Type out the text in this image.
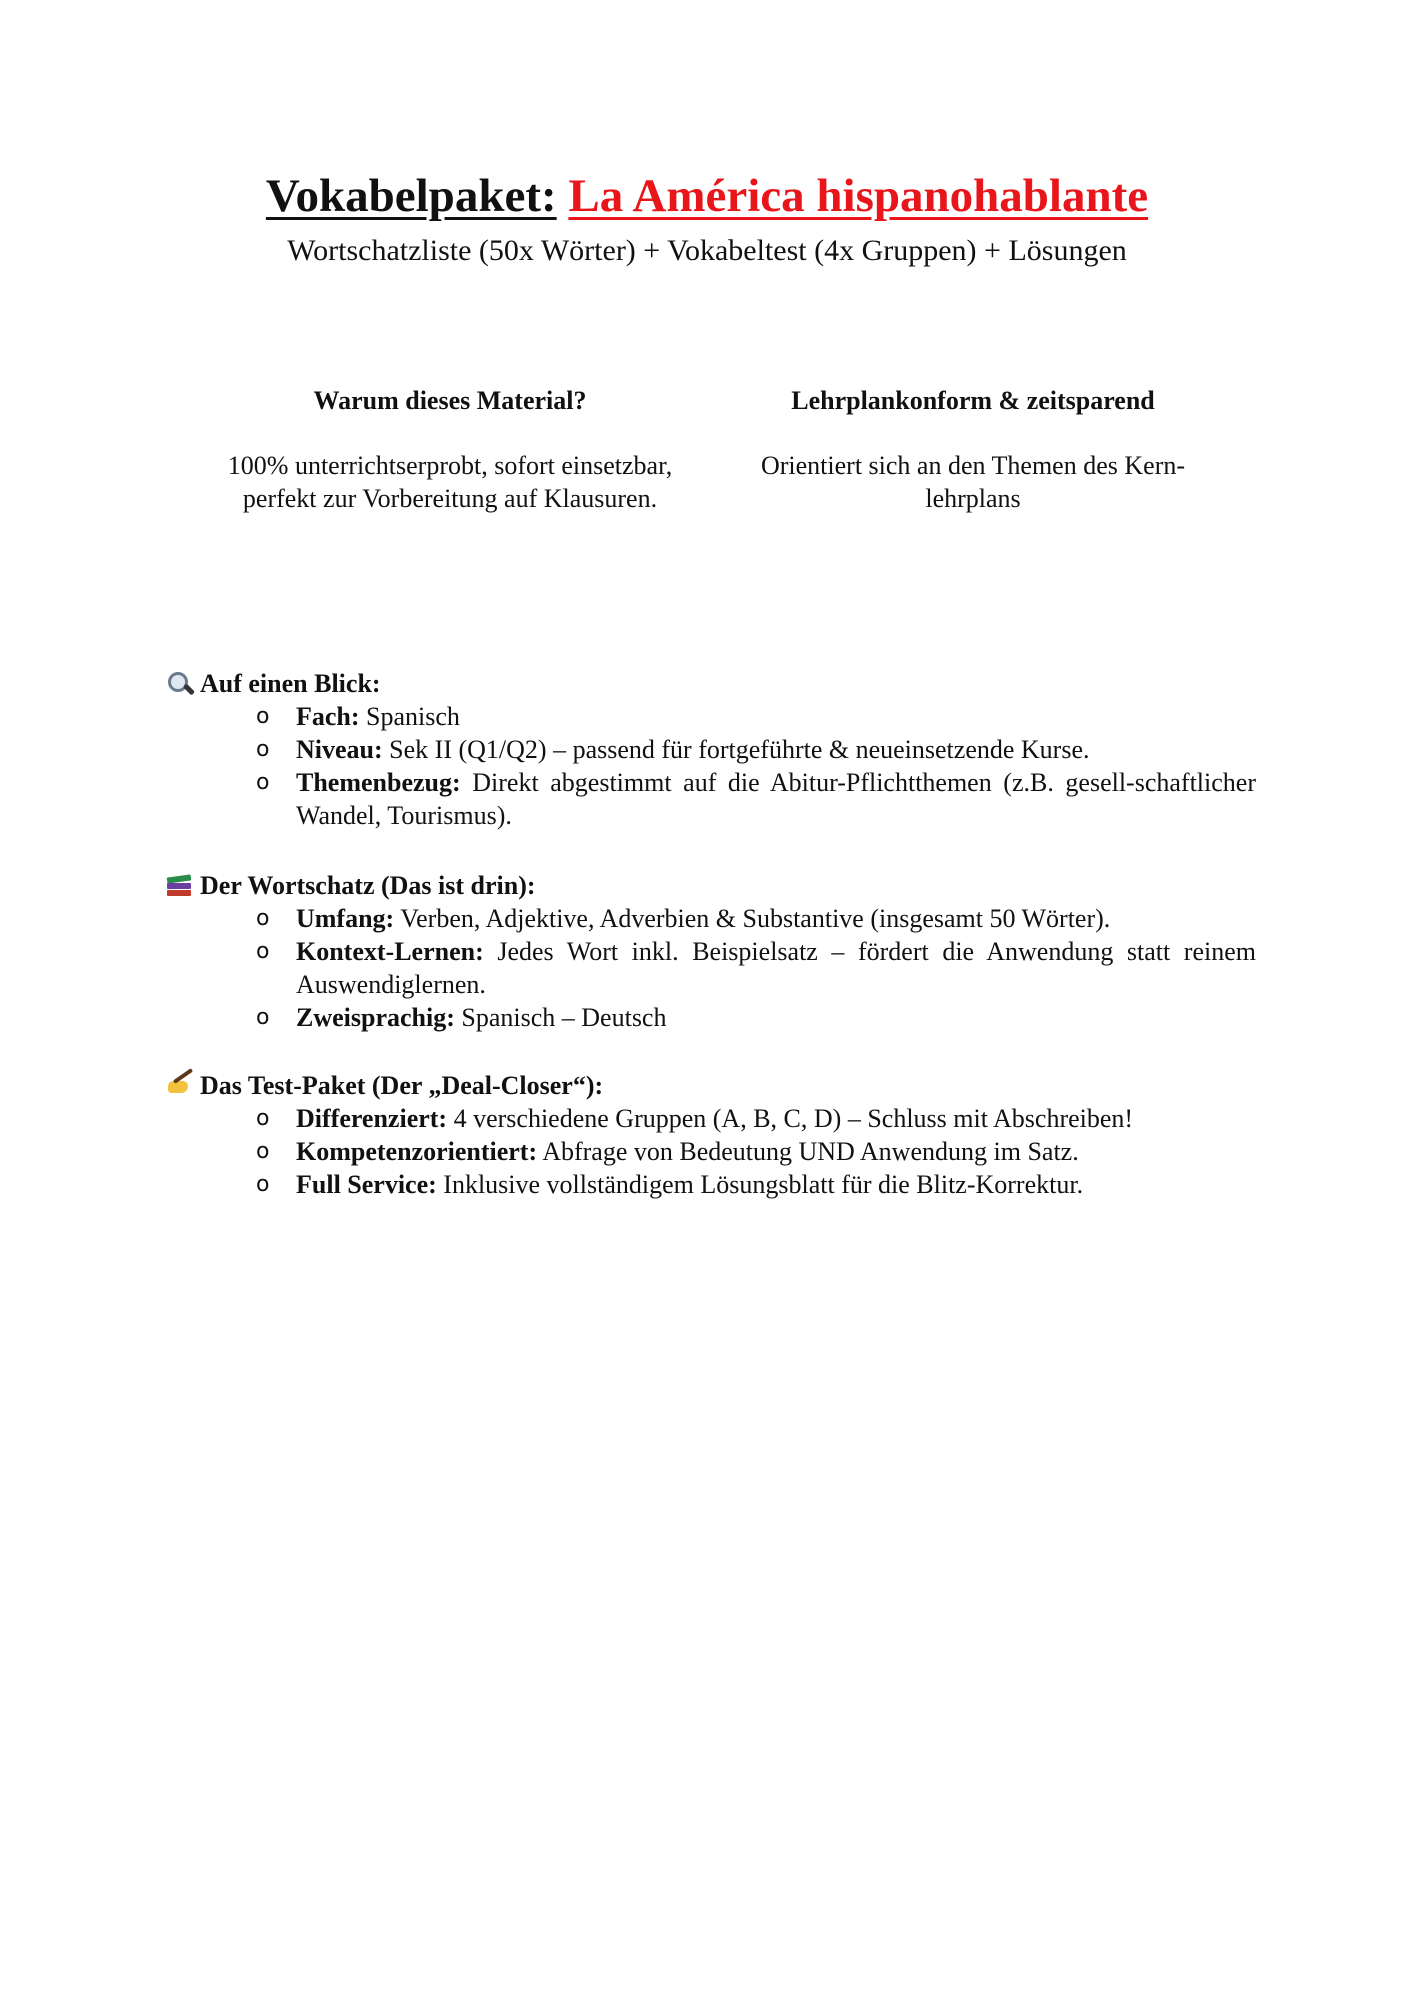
Vokabelpaket: La América hispanohablante
Wortschatzliste (50x Wörter) + Vokabeltest (4x Gruppen) + Lösungen
Warum dieses Material?
100% unterrichtserprobt, sofort einsetzbar,
perfekt zur Vorbereitung auf Klausuren.
Lehrplankonform & zeitsparend
Orientiert sich an den Themen des Kern-
lehrplans
Auf einen Blick:
o Fach: Spanisch
o Niveau: Sek II (Q1/Q2) – passend für fortgeführte & neueinsetzende Kurse.
o Themenbezug: Direkt abgestimmt auf die Abitur-Pflichtthemen (z.B. gesell-schaftlicher Wandel, Tourismus).
Der Wortschatz (Das ist drin):
o Umfang: Verben, Adjektive, Adverbien & Substantive (insgesamt 50 Wörter).
o Kontext-Lernen: Jedes Wort inkl. Beispielsatz – fördert die Anwendung statt reinem Auswendiglernen.
o Zweisprachig: Spanisch – Deutsch
Das Test-Paket (Der „Deal-Closer“):
o Differenziert: 4 verschiedene Gruppen (A, B, C, D) – Schluss mit Abschreiben!
o Kompetenzorientiert: Abfrage von Bedeutung UND Anwendung im Satz.
o Full Service: Inklusive vollständigem Lösungsblatt für die Blitz-Korrektur.
